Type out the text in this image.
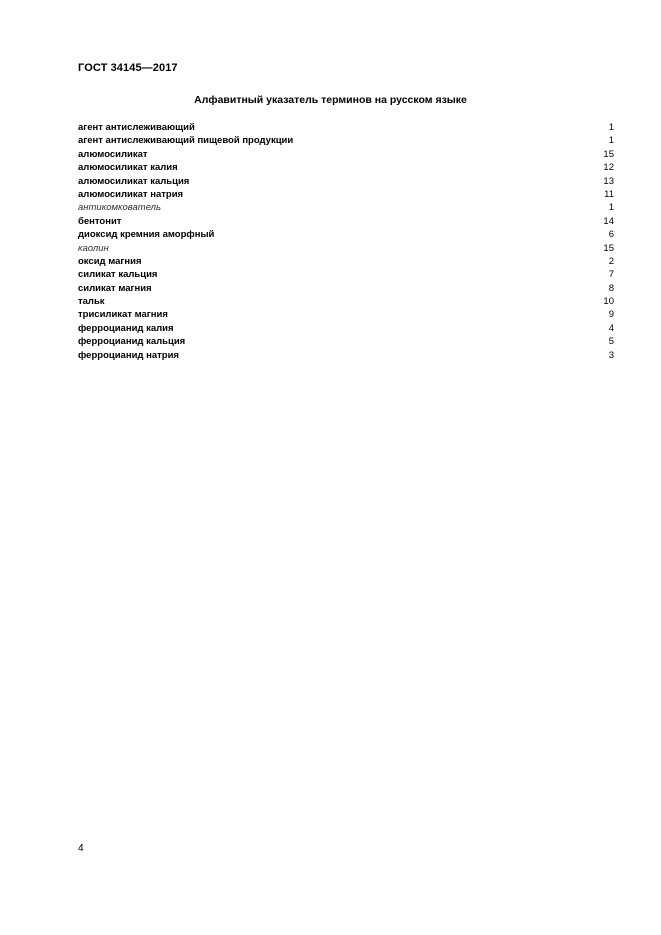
ГОСТ 34145—2017
Алфавитный указатель терминов на русском языке
агент антислеживающий	1
агент антислеживающий пищевой продукции	1
алюмосиликат	15
алюмосиликат калия	12
алюмосиликат кальция	13
алюмосиликат натрия	11
антикомкователь	1
бентонит	14
диоксид кремния аморфный	6
каолин	15
оксид магния	2
силикат кальция	7
силикат магния	8
тальк	10
трисиликат магния	9
ферроцианид калия	4
ферроцианид кальция	5
ферроцианид натрия	3
4
